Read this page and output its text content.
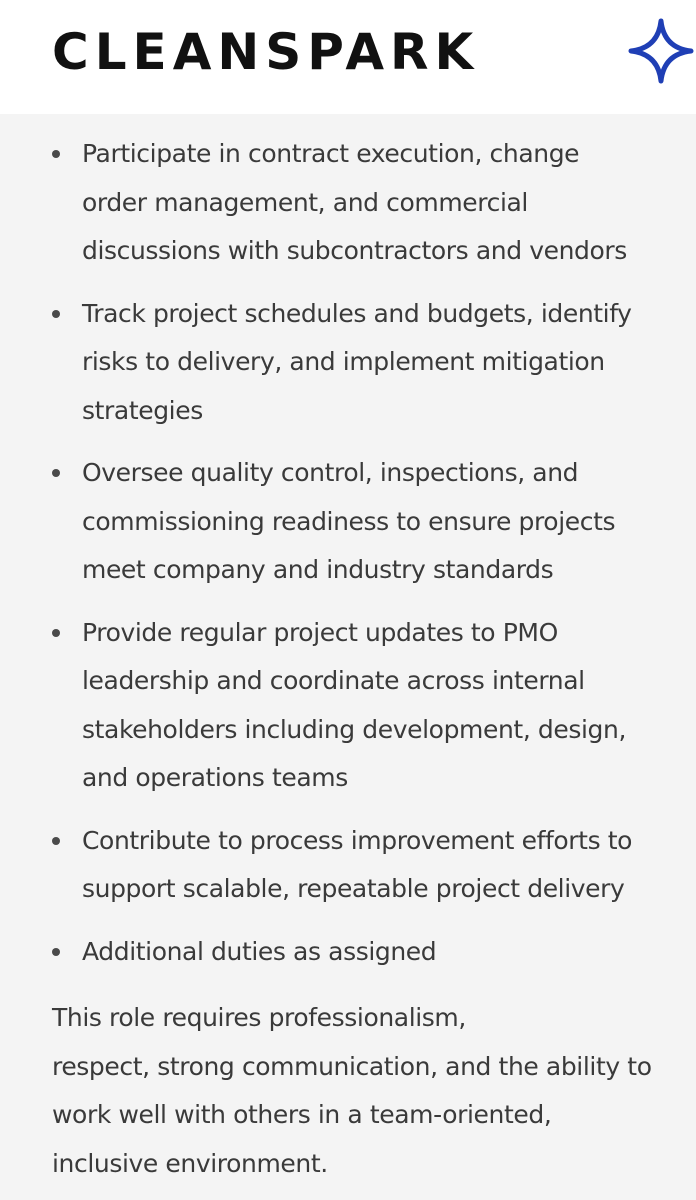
CLEANSPARK
Participate in contract execution, change
order management, and commercial
discussions with subcontractors and vendors
Track project schedules and budgets, identify
risks to delivery, and implement mitigation
strategies
Oversee quality control, inspections, and
commissioning readiness to ensure projects
meet company and industry standards
Provide regular project updates to PMO
leadership and coordinate across internal
stakeholders including development, design,
and operations teams
Contribute to process improvement efforts to
support scalable, repeatable project delivery
Additional duties as assigned

This role requires professionalism,
respect, strong communication, and the ability to
work well with others in a team-oriented,
inclusive environment.
